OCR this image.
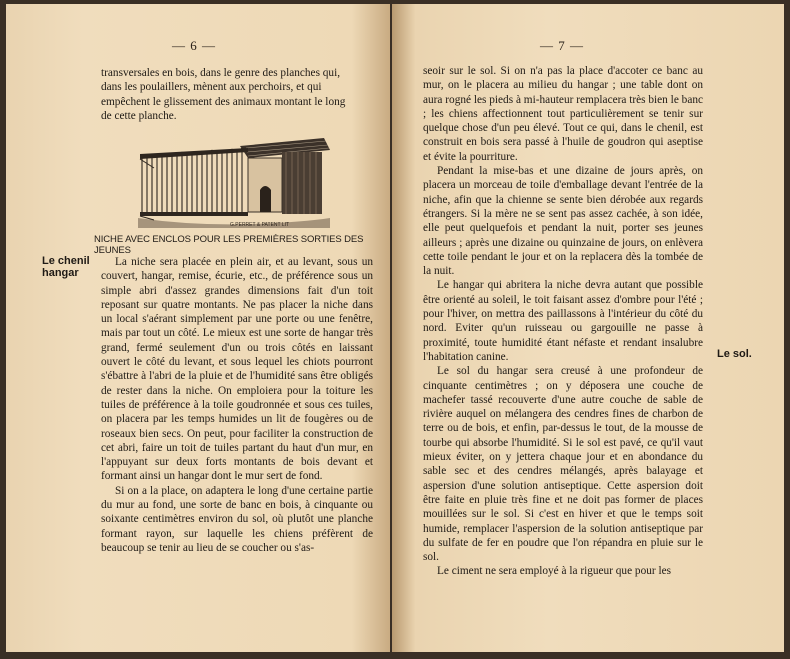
— 6 —

transversales en bois, dans le genre des planches qui,

dans les poulaillers, mènent aux perchoirs, et qui

empêchent le glissement des animaux montant le long

de cette planche.

G.PERRET & PATENT LIT
NICHE AVEC ENCLOS POUR LES PREMIÈRES SORTIES DES JEUNES
Le chenil hangar

La niche sera placée en plein air, et au levant, sous un couvert, hangar, remise, écurie, etc., de préférence sous un simple abri d'assez grandes dimensions fait d'un toit reposant sur quatre montants. Ne pas placer la niche dans un local s'aérant simplement par une porte ou une fenêtre, mais par tout un côté. Le mieux est une sorte de hangar très grand, fermé seulement d'un ou trois côtés en laissant ouvert le côté du levant, et sous lequel les chiots pourront s'ébattre à l'abri de la pluie et de l'humidité sans être obligés de rester dans la niche. On emploiera pour la toiture les tuiles de préférence à la toile goudronnée et sous ces tuiles, on placera par les temps humides un lit de fougères ou de roseaux bien secs. On peut, pour faciliter la construction de cet abri, faire un toit de tuiles partant du haut d'un mur, en l'appuyant sur deux forts montants de bois devant et formant ainsi un hangar dont le mur sert de fond.

Si on a la place, on adaptera le long d'une certaine partie du mur au fond, une sorte de banc en bois, à cinquante ou soixante centimètres environ du sol, où plutôt une planche formant rayon, sur laquelle les chiens préfèrent de beaucoup se tenir au lieu de se coucher ou s'as-

— 7 —

seoir sur le sol. Si on n'a pas la place d'accoter ce banc au mur, on le placera au milieu du hangar ; une table dont on aura rogné les pieds à mi-hauteur remplacera très bien le banc ; les chiens affectionnent tout particulièrement se tenir sur quelque chose d'un peu élevé. Tout ce qui, dans le chenil, est construit en bois sera passé à l'huile de goudron qui aseptise et évite la pourriture.

Pendant la mise-bas et une dizaine de jours après, on placera un morceau de toile d'emballage devant l'entrée de la niche, afin que la chienne se sente bien dérobée aux regards étrangers. Si la mère ne se sent pas assez cachée, à son idée, elle peut quelquefois et pendant la nuit, porter ses jeunes ailleurs ; après une dizaine ou quinzaine de jours, on enlèvera cette toile pendant le jour et on la replacera dès la tombée de la nuit.

Le hangar qui abritera la niche devra autant que possible être orienté au soleil, le toit faisant assez d'ombre pour l'été ; pour l'hiver, on mettra des paillassons à l'intérieur du côté du nord. Eviter qu'un ruisseau ou gargouille ne passe à proximité, toute humidité étant néfaste et rendant insalubre l'habitation canine.

Le sol du hangar sera creusé à une profondeur de cinquante centimètres ; on y déposera une couche de machefer tassé recouverte d'une autre couche de sable de rivière auquel on mélangera des cendres fines de charbon de terre ou de bois, et enfin, par-dessus le tout, de la mousse de tourbe qui absorbe l'humidité. Si le sol est pavé, ce qu'il vaut mieux éviter, on y jettera chaque jour et en abondance du sable sec et des cendres mélangés, après balayage et aspersion d'une solution antiseptique. Cette aspersion doit être faite en pluie très fine et ne doit pas former de places mouillées sur le sol. Si c'est en hiver et que le temps soit humide, remplacer l'aspersion de la solution antiseptique par du sulfate de fer en poudre que l'on répandra en pluie sur le sol.

Le ciment ne sera employé à la rigueur que pour les

Le sol.
